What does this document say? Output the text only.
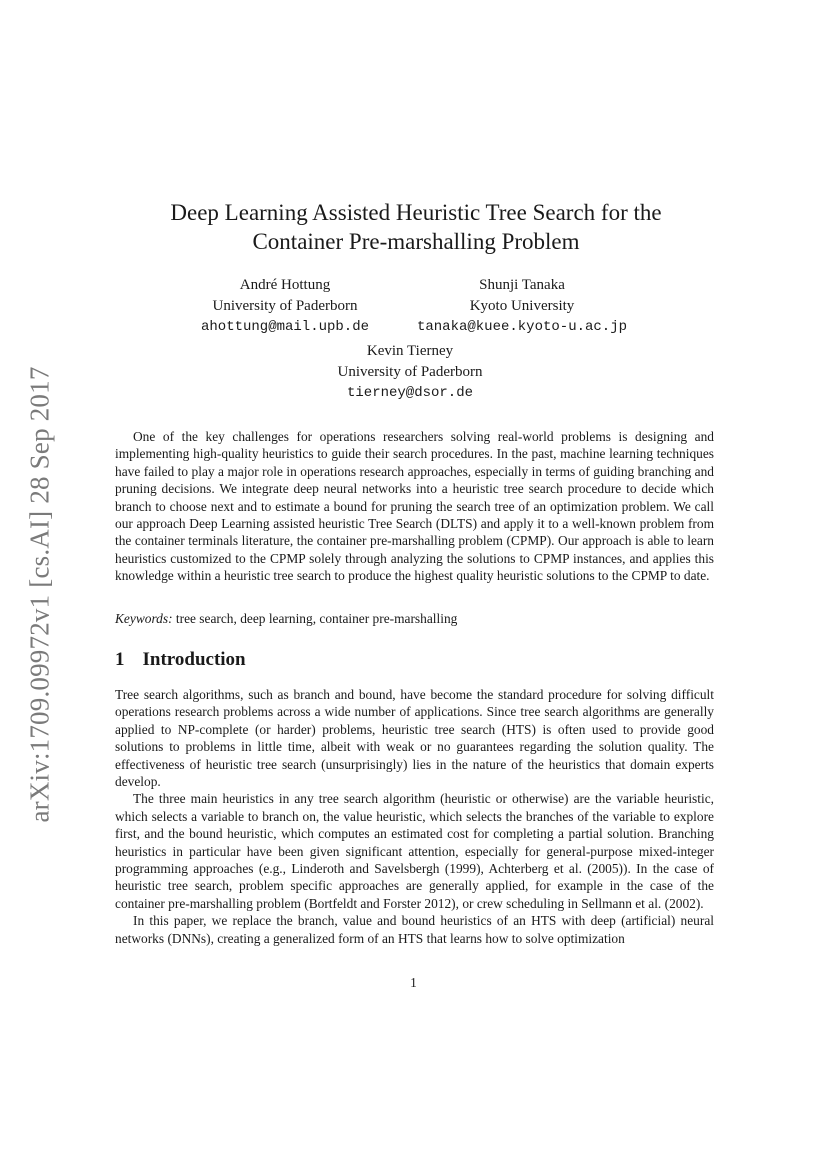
arXiv:1709.09972v1 [cs.AI] 28 Sep 2017
Deep Learning Assisted Heuristic Tree Search for the
Container Pre-marshalling Problem
André Hottung
University of Paderborn
ahottung@mail.upb.de
Shunji Tanaka
Kyoto University
tanaka@kuee.kyoto-u.ac.jp
Kevin Tierney
University of Paderborn
tierney@dsor.de

One of the key challenges for operations researchers solving real-world problems is designing and implementing high-quality heuristics to guide their search procedures. In the past, machine learning techniques have failed to play a major role in operations research approaches, especially in terms of guiding branching and pruning decisions. We integrate deep neural networks into a heuristic tree search procedure to decide which branch to choose next and to estimate a bound for pruning the search tree of an optimization problem. We call our approach Deep Learning assisted heuristic Tree Search (DLTS) and apply it to a well-known problem from the container terminals literature, the container pre-marshalling problem (CPMP). Our approach is able to learn heuristics customized to the CPMP solely through analyzing the solutions to CPMP instances, and applies this knowledge within a heuristic tree search to produce the highest quality heuristic solutions to the CPMP to date.

Keywords: tree search, deep learning, container pre-marshalling
1 Introduction

Tree search algorithms, such as branch and bound, have become the standard procedure for solving difficult operations research problems across a wide number of applications. Since tree search algorithms are generally applied to NP-complete (or harder) problems, heuristic tree search (HTS) is often used to provide good solutions to problems in little time, albeit with weak or no guarantees regarding the solution quality. The effectiveness of heuristic tree search (unsurprisingly) lies in the nature of the heuristics that domain experts develop.

The three main heuristics in any tree search algorithm (heuristic or otherwise) are the variable heuristic, which selects a variable to branch on, the value heuristic, which selects the branches of the variable to explore first, and the bound heuristic, which computes an estimated cost for completing a partial solution. Branching heuristics in particular have been given significant attention, especially for general-purpose mixed-integer programming approaches (e.g., Linderoth and Savelsbergh (1999), Achterberg et al. (2005)). In the case of heuristic tree search, problem specific approaches are generally applied, for example in the case of the container pre-marshalling problem (Bortfeldt and Forster 2012), or crew scheduling in Sellmann et al. (2002).

In this paper, we replace the branch, value and bound heuristics of an HTS with deep (artificial) neural networks (DNNs), creating a generalized form of an HTS that learns how to solve optimization

1
